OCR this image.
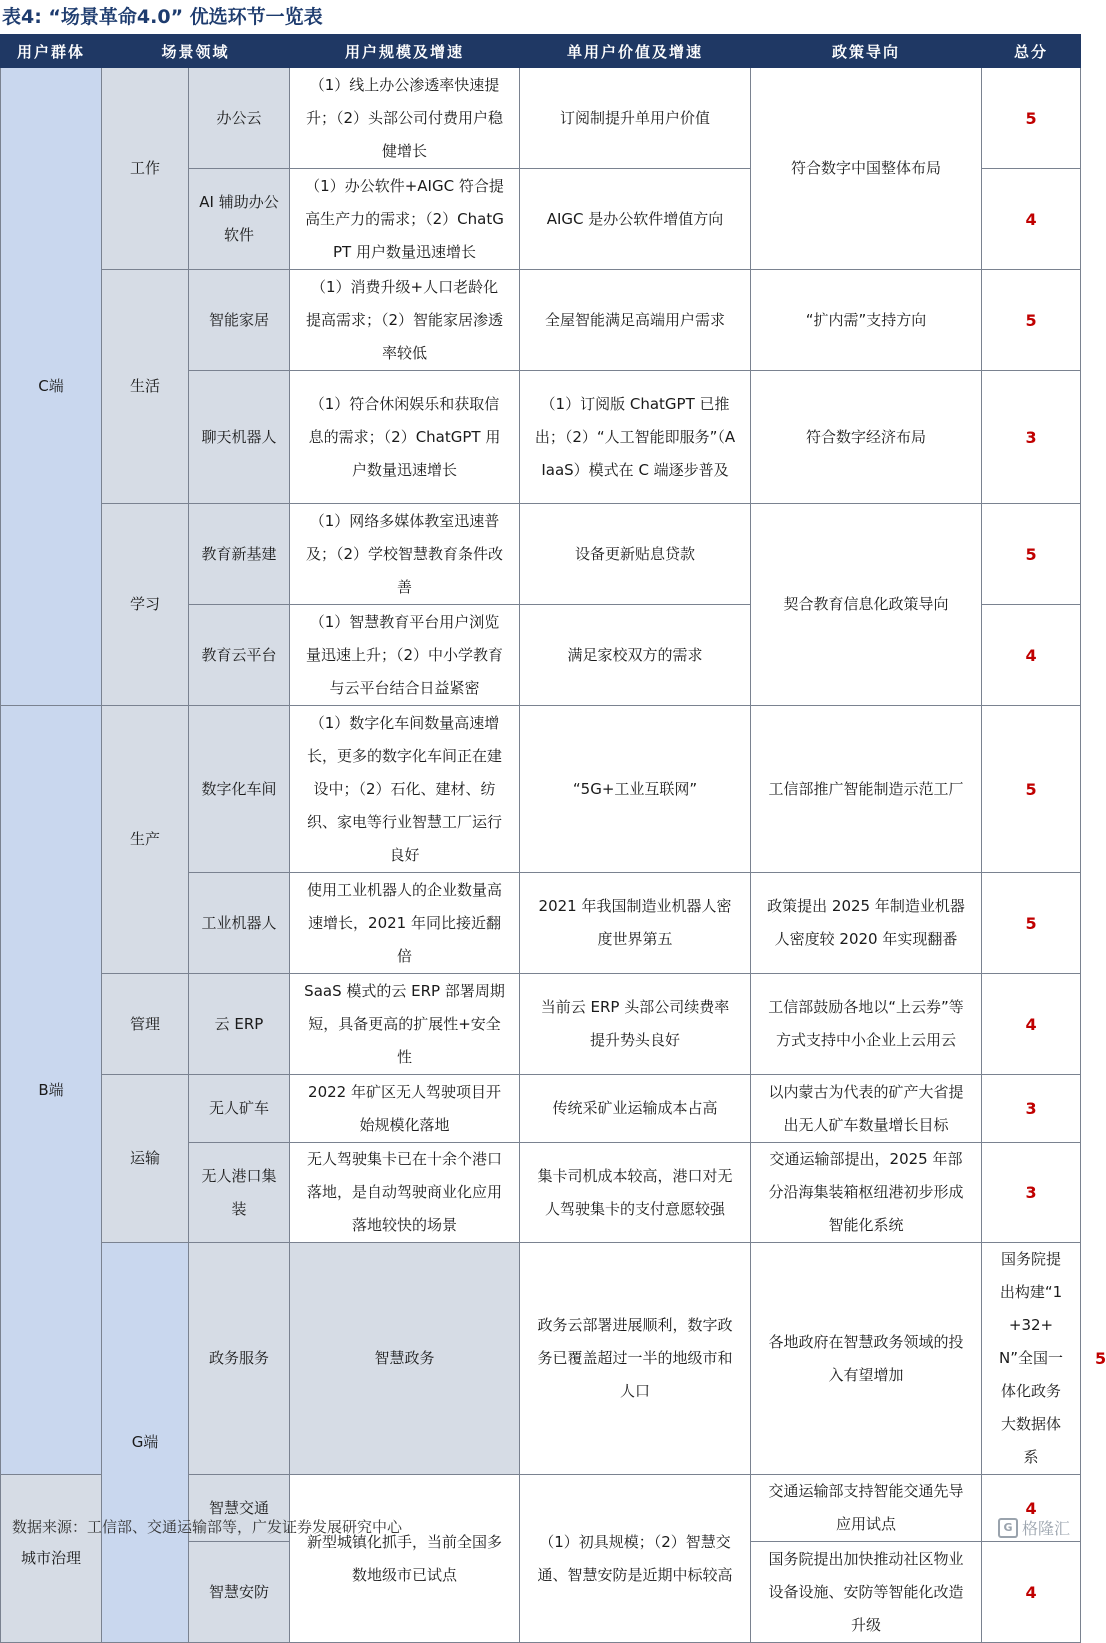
表4: “场景革命4.0” 优选环节一览表
用户群体	场景领域		用户规模及增速	单用户价值及增速	政策导向	总分	
C端	工作	办公云	（1）线上办公渗透率快速提升；（2）头部公司付费用户稳健增长	订阅制提升单用户价值	符合数字中国整体布局	5	
		AI 辅助办公软件	（1）办公软件+AIGC 符合提高生产力的需求；（2）ChatGPT 用户数量迅速增长	AIGC 是办公软件增值方向		4	
	生活	智能家居	（1）消费升级+人口老龄化提高需求；（2）智能家居渗透率较低	全屋智能满足高端用户需求	“扩内需”支持方向	5	
		聊天机器人	（1）符合休闲娱乐和获取信息的需求；（2）ChatGPT 用户数量迅速增长	（1）订阅版 ChatGPT 已推出；（2）“人工智能即服务”（AIaaS）模式在 C 端逐步普及	符合数字经济布局	3	
	学习	教育新基建	（1）网络多媒体教室迅速普及；（2）学校智慧教育条件改善	设备更新贴息贷款	契合教育信息化政策导向	5	
		教育云平台	（1）智慧教育平台用户浏览量迅速上升；（2）中小学教育与云平台结合日益紧密	满足家校双方的需求		4	
B端	生产	数字化车间	（1）数字化车间数量高速增长，更多的数字化车间正在建设中；（2）石化、建材、纺织、家电等行业智慧工厂运行良好	“5G+工业互联网”	工信部推广智能制造示范工厂	5	
		工业机器人	使用工业机器人的企业数量高速增长，2021 年同比接近翻倍	2021 年我国制造业机器人密度世界第五	政策提出 2025 年制造业机器人密度较 2020 年实现翻番	5	
	管理	云 ERP	SaaS 模式的云 ERP 部署周期短，具备更高的扩展性+安全性	当前云 ERP 头部公司续费率提升势头良好	工信部鼓励各地以“上云券”等方式支持中小企业上云用云	4	
	运输	无人矿车	2022 年矿区无人驾驶项目开始规模化落地	传统采矿业运输成本占高	以内蒙古为代表的矿产大省提出无人矿车数量增长目标	3	
		无人港口集装	无人驾驶集卡已在十余个港口落地，是自动驾驶商业化应用落地较快的场景	集卡司机成本较高，港口对无人驾驶集卡的支付意愿较强	交通运输部提出，2025 年部分沿海集装箱枢纽港初步形成智能化系统	3	
	G端	政务服务	智慧政务	政务云部署进展顺利，数字政务已覆盖超过一半的地级市和人口	各地政府在智慧政务领域的投入有望增加	国务院提出构建“1+32+N”全国一体化政务大数据体系	5
城市治理		智慧交通	新型城镇化抓手，当前全国多数地级市已试点	（1）初具规模；（2）智慧交通、智慧安防是近期中标较高	交通运输部支持智能交通先导应用试点	4	
		智慧安防			国务院提出加快推动社区物业设备设施、安防等智能化改造升级	4	
数据来源：工信部、交通运输部等，广发证券发展研究中心	G 格隆汇
